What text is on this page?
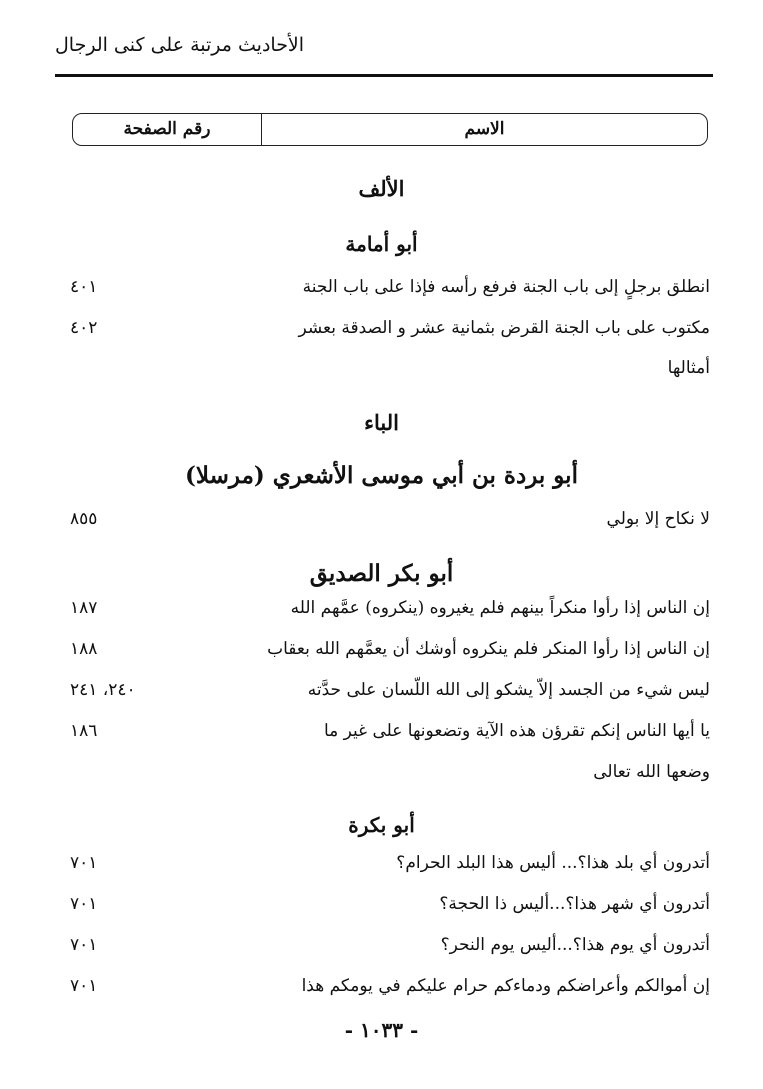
الأحاديث مرتبة على كنى الرجال
الاسم
رقم الصفحة
الألف
أبو أمامة
انطلق برجلٍ إلى باب الجنة فرفع رأسه فإذا على باب الجنة
٤٠١
مكتوب على باب الجنة القرض بثمانية عشر و الصدقة بعشر
٤٠٢
أمثالها
الباء
أبو بردة بن أبي موسى الأشعري (مرسلا)
لا نكاح إلا بولي
٨٥٥
أبو بكر الصديق
إن الناس إذا رأوا منكراً بينهم فلم يغيروه (ينكروه) عمَّهم الله
١٨٧
إن الناس إذا رأوا المنكر فلم ينكروه أوشك أن يعمَّهم الله بعقاب
١٨٨
ليس شيء من الجسد إلاّ يشكو إلى الله اللّسان على حدَّته
٢٤٠، ٢٤١
يا أيها الناس إنكم تقرؤن هذه الآية وتضعونها على غير ما
١٨٦
وضعها الله تعالى
أبو بكرة
أتدرون أي بلد هذا؟... أليس هذا البلد الحرام؟
٧٠١
أتدرون أي شهر هذا؟...أليس ذا الحجة؟
٧٠١
أتدرون أي يوم هذا؟...أليس يوم النحر؟
٧٠١
إن أموالكم وأعراضكم ودماءكم حرام عليكم في يومكم هذا
٧٠١
- ١٠٣٣ -
